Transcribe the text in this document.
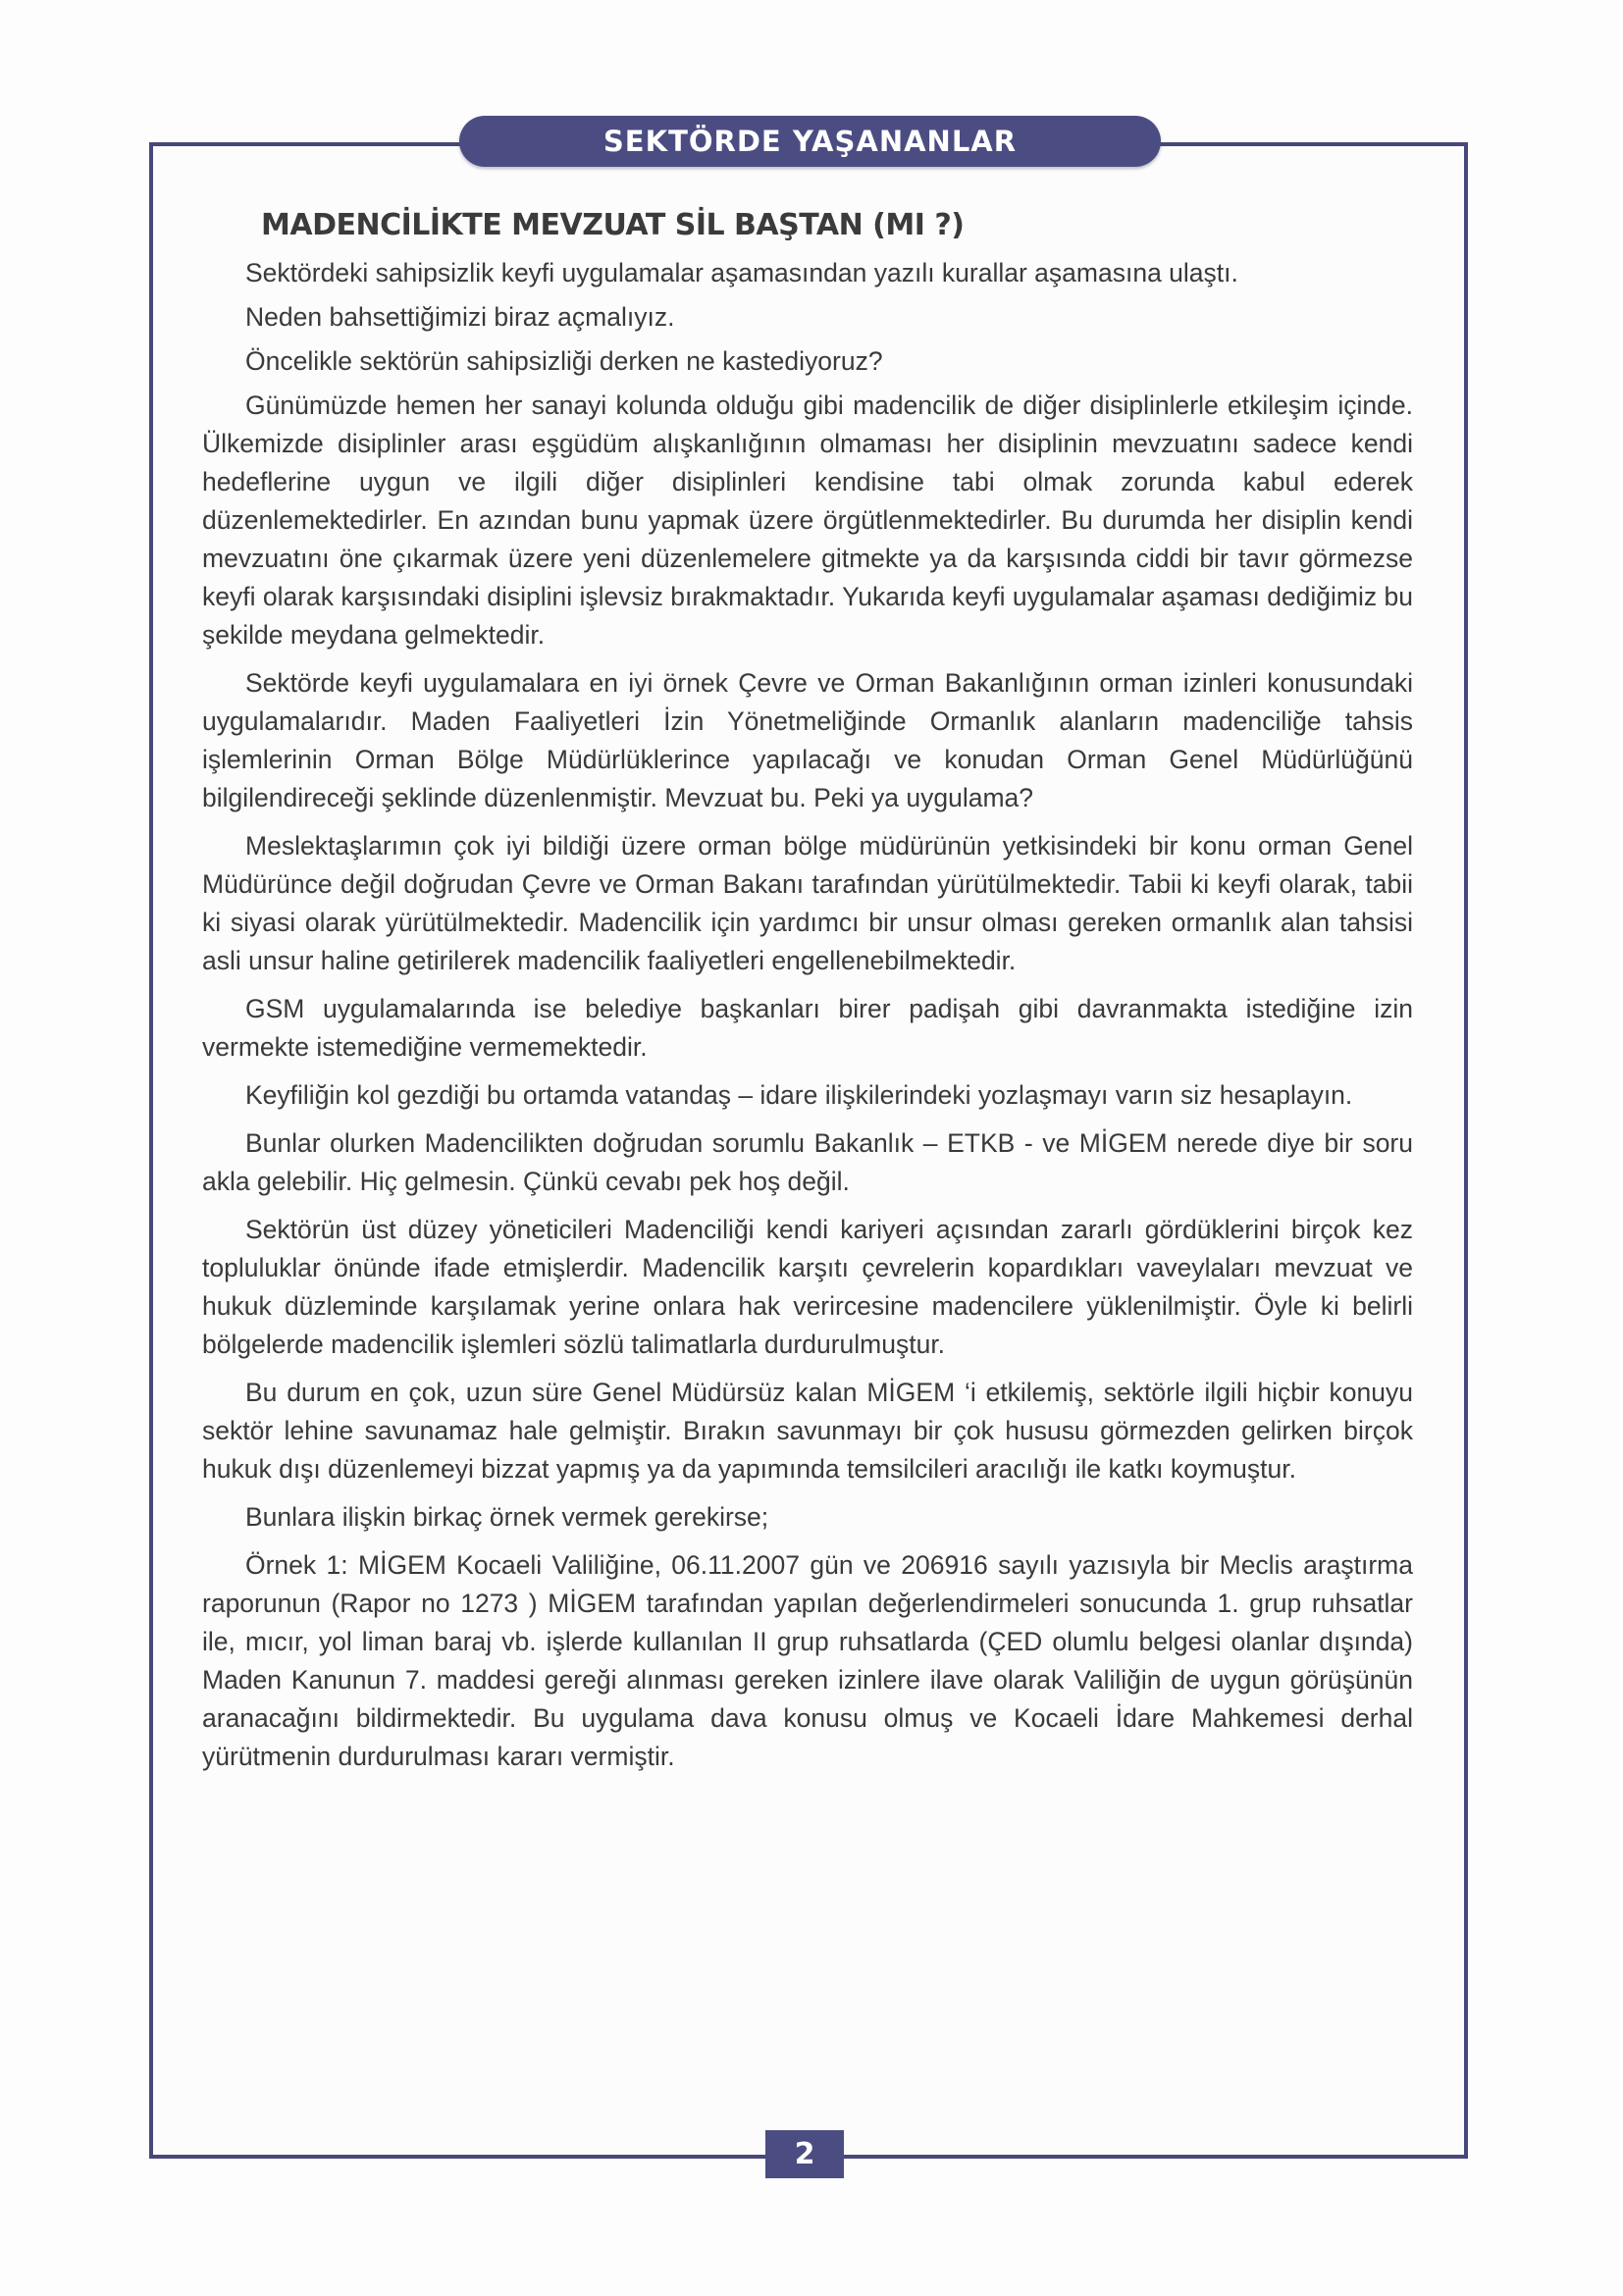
SEKTÖRDE YAŞANANLAR
MADENCİLİKTE MEVZUAT SİL BAŞTAN (MI ?)

Sektördeki sahipsizlik keyfi uygulamalar aşamasından yazılı kurallar aşamasına ulaştı.

Neden bahsettiğimizi biraz açmalıyız.

Öncelikle sektörün sahipsizliği derken ne kastediyoruz?

Günümüzde hemen her sanayi kolunda olduğu gibi madencilik de diğer disiplinlerle etkileşim içinde. Ülkemizde disiplinler arası eşgüdüm alışkanlığının olmaması her disiplinin mevzuatını sadece kendi hedeflerine uygun ve ilgili diğer disiplinleri kendisine tabi olmak zorunda kabul ederek düzenlemektedirler. En azından bunu yapmak üzere örgütlenmektedirler. Bu durumda her disiplin kendi mevzuatını öne çıkarmak üzere yeni düzenlemelere gitmekte ya da karşısında ciddi bir tavır görmezse keyfi olarak karşısındaki disiplini işlevsiz bırakmaktadır. Yukarıda keyfi uygulamalar aşaması dediğimiz bu şekilde meydana gelmektedir.

Sektörde keyfi uygulamalara en iyi örnek Çevre ve Orman Bakanlığının orman izinleri konusundaki uygulamalarıdır. Maden Faaliyetleri İzin Yönetmeliğinde Ormanlık alanların madenciliğe tahsis işlemlerinin Orman Bölge Müdürlüklerince yapılacağı ve konudan Orman Genel Müdürlüğünü bilgilendireceği şeklinde düzenlenmiştir. Mevzuat bu. Peki ya uygulama?

Meslektaşlarımın çok iyi bildiği üzere orman bölge müdürünün yetkisindeki bir konu orman Genel Müdürünce değil doğrudan Çevre ve Orman Bakanı tarafından yürütülmektedir. Tabii ki keyfi olarak, tabii ki siyasi olarak yürütülmektedir. Madencilik için yardımcı bir unsur olması gereken ormanlık alan tahsisi asli unsur haline getirilerek madencilik faaliyetleri engellenebilmektedir.

GSM uygulamalarında ise belediye başkanları birer padişah gibi davranmakta istediğine izin vermekte istemediğine vermemektedir.

Keyfiliğin kol gezdiği bu ortamda vatandaş – idare ilişkilerindeki yozlaşmayı varın siz hesaplayın.

Bunlar olurken Madencilikten doğrudan sorumlu Bakanlık – ETKB - ve MİGEM nerede diye bir soru akla gelebilir. Hiç gelmesin. Çünkü cevabı pek hoş değil.

Sektörün üst düzey yöneticileri Madenciliği kendi kariyeri açısından zararlı gördüklerini birçok kez topluluklar önünde ifade etmişlerdir. Madencilik karşıtı çevrelerin kopardıkları vaveylaları mevzuat ve hukuk düzleminde karşılamak yerine onlara hak verircesine madencilere yüklenilmiştir. Öyle ki belirli bölgelerde madencilik işlemleri sözlü talimatlarla durdurulmuştur.

Bu durum en çok, uzun süre Genel Müdürsüz kalan MİGEM ‘i etkilemiş, sektörle ilgili hiçbir konuyu sektör lehine savunamaz hale gelmiştir. Bırakın savunmayı bir çok hususu görmezden gelirken birçok hukuk dışı düzenlemeyi bizzat yapmış ya da yapımında temsilcileri aracılığı ile katkı koymuştur.

Bunlara ilişkin birkaç örnek vermek gerekirse;

Örnek 1: MİGEM Kocaeli Valiliğine, 06.11.2007 gün ve 206916 sayılı yazısıyla bir Meclis araştırma raporunun (Rapor no 1273 ) MİGEM tarafından yapılan değerlendirmeleri sonucunda 1. grup ruhsatlar ile, mıcır, yol liman baraj vb. işlerde kullanılan II grup ruhsatlarda (ÇED olumlu belgesi olanlar dışında) Maden Kanunun 7. maddesi gereği alınması gereken izinlere ilave olarak Valiliğin de uygun görüşünün aranacağını bildirmektedir. Bu uygulama dava konusu olmuş ve Kocaeli İdare Mahkemesi derhal yürütmenin durdurulması kararı vermiştir.

2
